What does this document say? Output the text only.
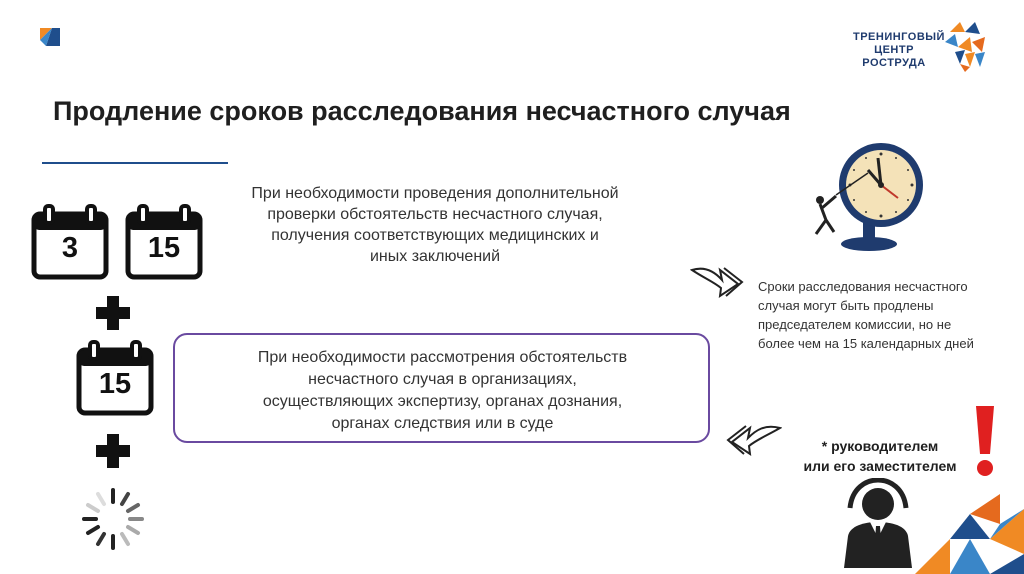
ТРЕНИНГОВЫЙ
ЦЕНТР
РОСТРУДА
Продление сроков расследования несчастного случая
3	15
15
При необходимости проведения дополнительной
проверки обстоятельств несчастного случая,
получения соответствующих медицинских и
иных заключений
При необходимости рассмотрения обстоятельств
несчастного случая в организациях,
осуществляющих экспертизу, органах дознания,
органах следствия или в суде
Сроки расследования несчастного
случая могут быть продлены
председателем комиссии, но не
более чем на 15 календарных дней
* руководителем
или его заместителем
